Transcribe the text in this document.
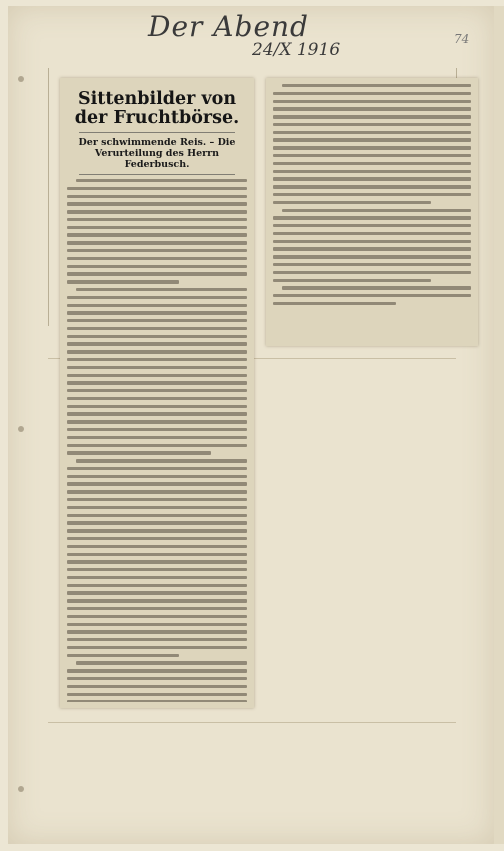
Der Abend
24/X 1916
74
Sittenbilder von der Fruchtbörse.
Der schwimmende Reis. – Die Verurteilung des Herrn Federbusch.
